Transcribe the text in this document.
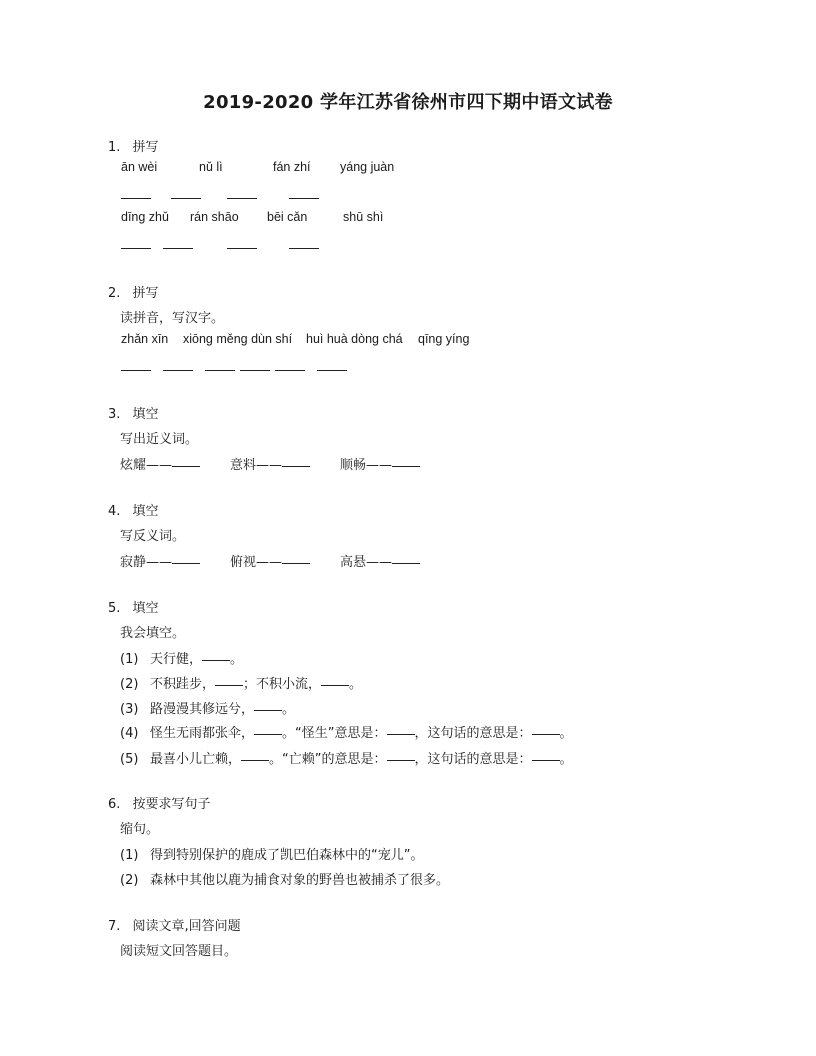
2019-2020 学年江苏省徐州市四下期中语文试卷
1. 拼写
ān wèi	nǔ lì	fán zhí yáng juàn
dīng zhǔ rán shāo bēi cǎn	shū shì
2. 拼写
读拼音，写汉字。
zhǎn xīn xiōng měng dùn shí huì huà dòng chá qīng yíng
3. 填空
写出近义词。
炫耀——	意料——	顺畅——
4. 填空
写反义词。
寂静——	俯视——	高悬——
5. 填空
我会填空。
(1) 天行健， 。
(2) 不积跬步， ；不积小流， 。
(3) 路漫漫其修远兮， 。
(4) 怪生无雨都张伞， 。“怪生”意思是： ，这句话的意思是： 。
(5) 最喜小儿亡赖， 。“亡赖”的意思是： ，这句话的意思是： 。
6. 按要求写句子
缩句。
(1) 得到特别保护的鹿成了凯巴伯森林中的“宠儿”。
(2) 森林中其他以鹿为捕食对象的野兽也被捕杀了很多。
7. 阅读文章,回答问题
阅读短文回答题目。
